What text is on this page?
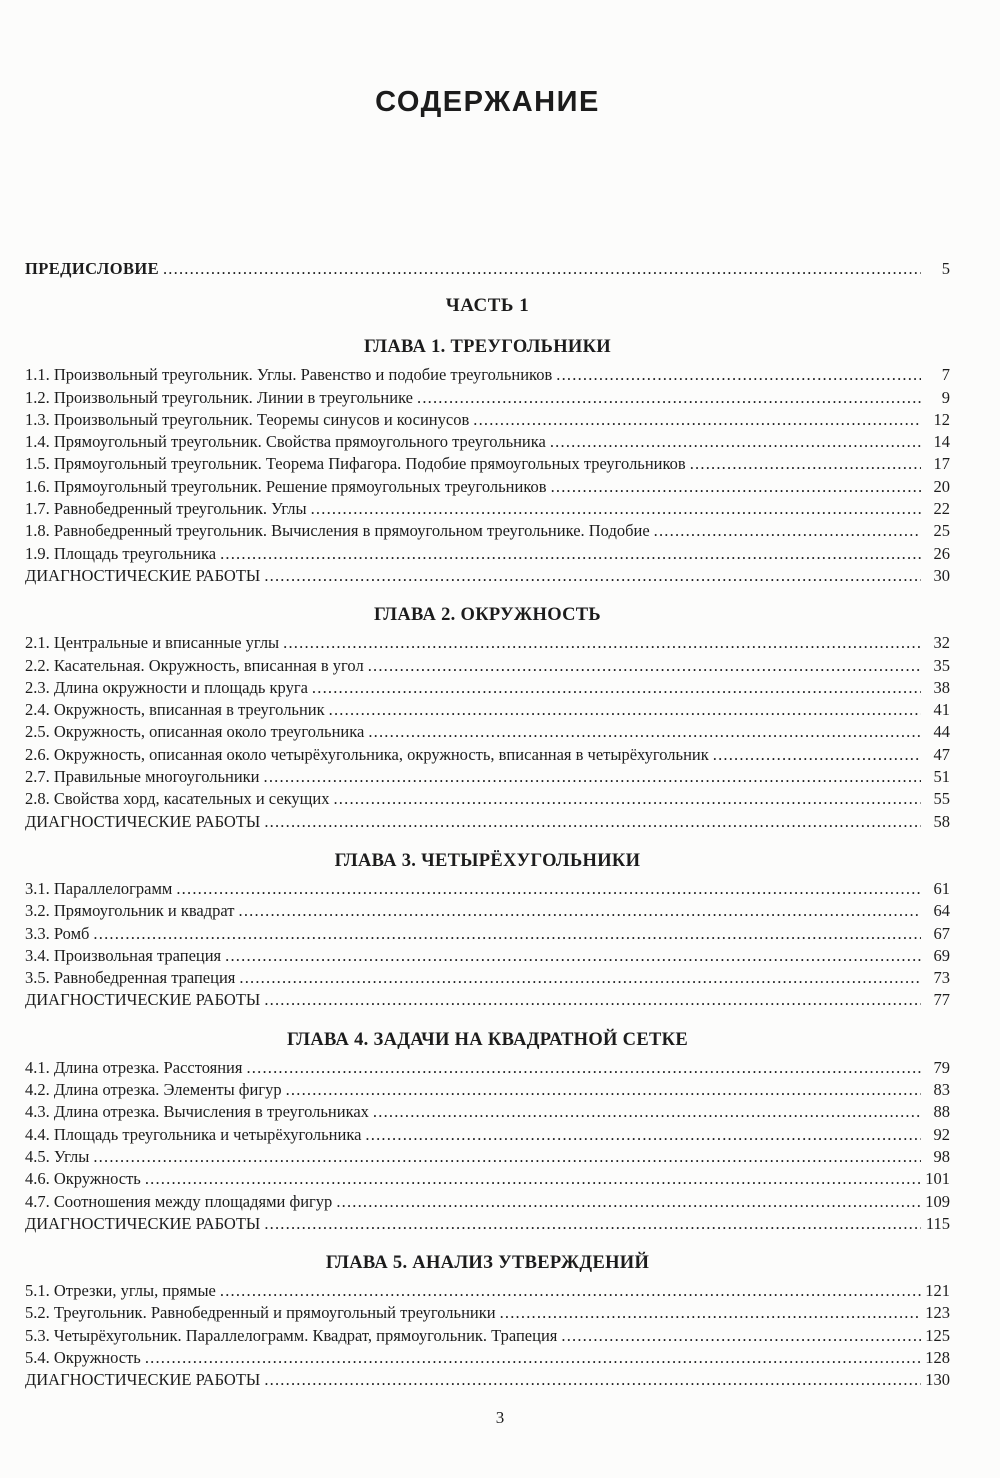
СОДЕРЖАНИЕ
ПРЕДИСЛОВИЕ .....	5
ЧАСТЬ 1
ГЛАВА 1. ТРЕУГОЛЬНИКИ
1.1. Произвольный треугольник. Углы. Равенство и подобие треугольников .....	7
1.2. Произвольный треугольник. Линии в треугольнике .....	9
1.3. Произвольный треугольник. Теоремы синусов и косинусов .....	12
1.4. Прямоугольный треугольник. Свойства прямоугольного треугольника .....	14
1.5. Прямоугольный треугольник. Теорема Пифагора. Подобие прямоугольных треугольников .....	17
1.6. Прямоугольный треугольник. Решение прямоугольных треугольников .....	20
1.7. Равнобедренный треугольник. Углы .....	22
1.8. Равнобедренный треугольник. Вычисления в прямоугольном треугольнике. Подобие .....	25
1.9. Площадь треугольника .....	26
ДИАГНОСТИЧЕСКИЕ РАБОТЫ .....	30
ГЛАВА 2. ОКРУЖНОСТЬ
2.1. Центральные и вписанные углы .....	32
2.2. Касательная. Окружность, вписанная в угол .....	35
2.3. Длина окружности и площадь круга .....	38
2.4. Окружность, вписанная в треугольник .....	41
2.5. Окружность, описанная около треугольника .....	44
2.6. Окружность, описанная около четырёхугольника, окружность, вписанная в четырёхугольник .....	47
2.7. Правильные многоугольники .....	51
2.8. Свойства хорд, касательных и секущих .....	55
ДИАГНОСТИЧЕСКИЕ РАБОТЫ .....	58
ГЛАВА 3. ЧЕТЫРЁХУГОЛЬНИКИ
3.1. Параллелограмм .....	61
3.2. Прямоугольник и квадрат .....	64
3.3. Ромб .....	67
3.4. Произвольная трапеция .....	69
3.5. Равнобедренная трапеция .....	73
ДИАГНОСТИЧЕСКИЕ РАБОТЫ .....	77
ГЛАВА 4. ЗАДАЧИ НА КВАДРАТНОЙ СЕТКЕ
4.1. Длина отрезка. Расстояния .....	79
4.2. Длина отрезка. Элементы фигур .....	83
4.3. Длина отрезка. Вычисления в треугольниках .....	88
4.4. Площадь треугольника и четырёхугольника .....	92
4.5. Углы .....	98
4.6. Окружность .....	101
4.7. Соотношения между площадями фигур .....	109
ДИАГНОСТИЧЕСКИЕ РАБОТЫ .....	115
ГЛАВА 5. АНАЛИЗ УТВЕРЖДЕНИЙ
5.1. Отрезки, углы, прямые .....	121
5.2. Треугольник. Равнобедренный и прямоугольный треугольники .....	123
5.3. Четырёхугольник. Параллелограмм. Квадрат, прямоугольник. Трапеция .....	125
5.4. Окружность .....	128
ДИАГНОСТИЧЕСКИЕ РАБОТЫ .....	130
3
